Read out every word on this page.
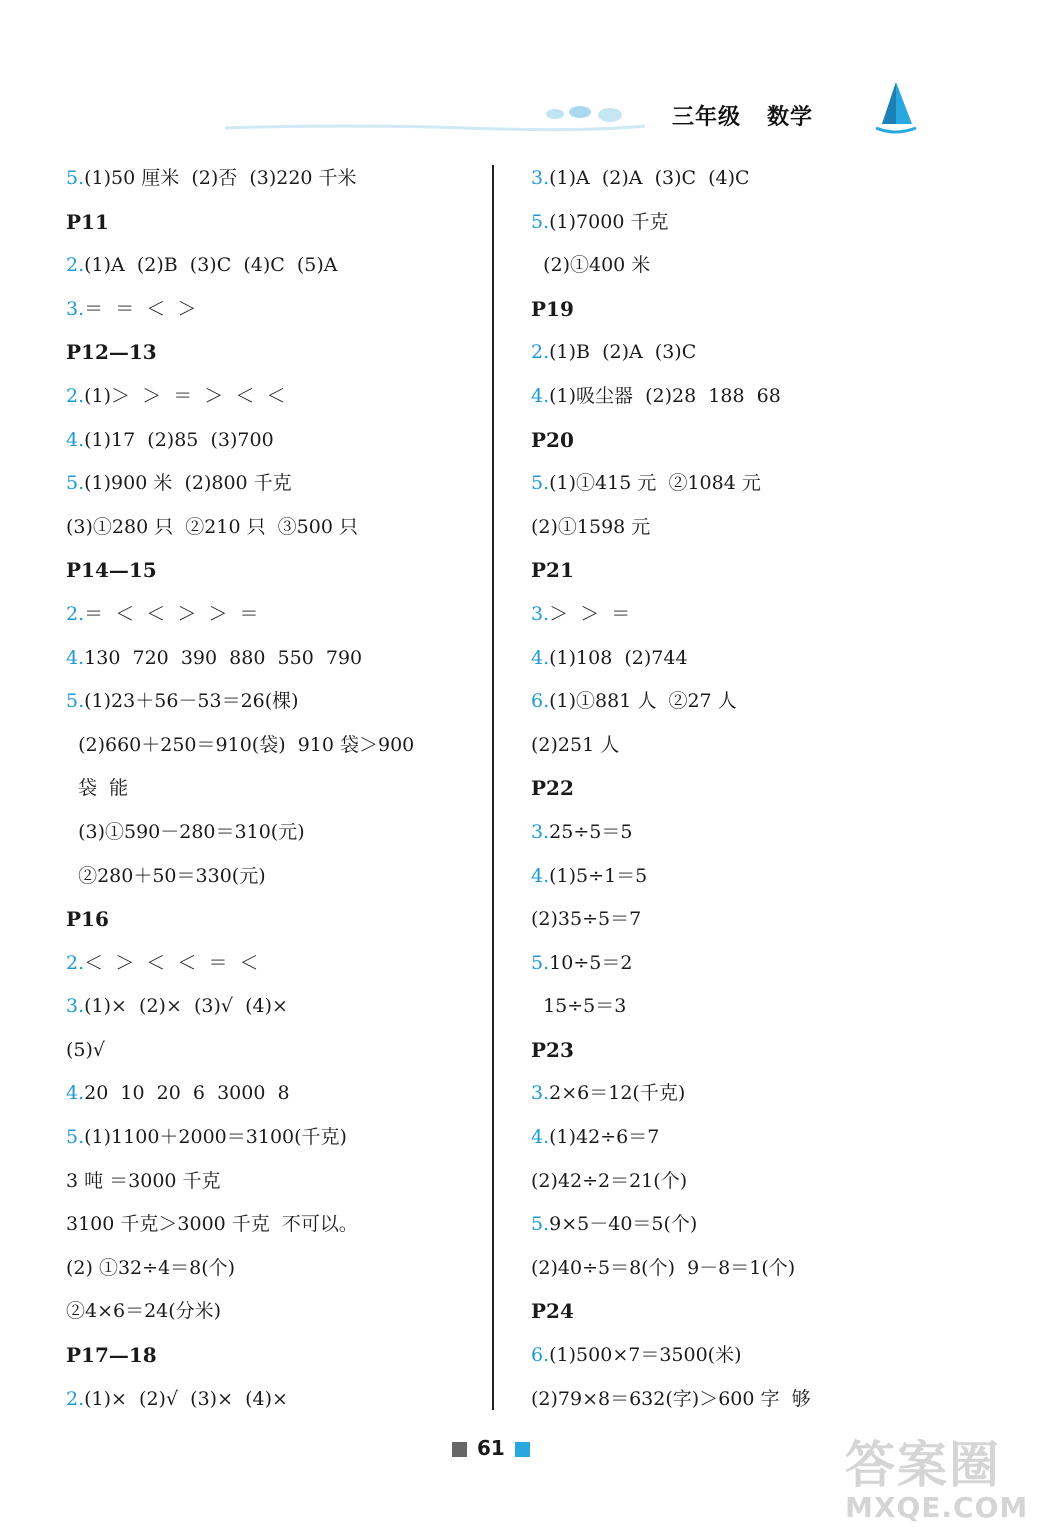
三年级 数学
5.(1)50 厘米  (2)否  (3)220 千米
P11
2.(1)A  (2)B  (3)C  (4)C  (5)A
3.＝  ＝  ＜  ＞
P12—13
2.(1)＞  ＞  ＝  ＞  ＜  ＜
4.(1)17  (2)85  (3)700
5.(1)900 米  (2)800 千克
(3)①280 只  ②210 只  ③500 只
P14—15
2.＝  ＜  ＜  ＞  ＞  ＝
4.130  720  390  880  550  790
5.(1)23＋56－53＝26(棵)
(2)660＋250＝910(袋)  910 袋＞900
袋  能
(3)①590－280＝310(元)
②280＋50＝330(元)
P16
2.＜  ＞  ＜  ＜  ＝  ＜
3.(1)×  (2)×  (3)√  (4)×
(5)√
4.20  10  20  6  3000  8
5.(1)1100＋2000＝3100(千克)
3 吨 ＝3000 千克
3100 千克＞3000 千克  不可以。
(2) ①32÷4＝8(个)
②4×6＝24(分米)
P17—18
2.(1)×  (2)√  (3)×  (4)×
3.(1)A  (2)A  (3)C  (4)C
5.(1)7000 千克
(2)①400 米
P19
2.(1)B  (2)A  (3)C
4.(1)吸尘器  (2)28  188  68
P20
5.(1)①415 元  ②1084 元
(2)①1598 元
P21
3.＞  ＞  ＝
4.(1)108  (2)744
6.(1)①881 人  ②27 人
(2)251 人
P22
3.25÷5＝5
4.(1)5÷1＝5
(2)35÷5＝7
5.10÷5＝2
15÷5＝3
P23
3.2×6＝12(千克)
4.(1)42÷6＝7
(2)42÷2＝21(个)
5.9×5－40＝5(个)
(2)40÷5＝8(个)  9－8＝1(个)
P24
6.(1)500×7＝3500(米)
(2)79×8＝632(字)＞600 字  够
61	答案圈
MXQE.COM
